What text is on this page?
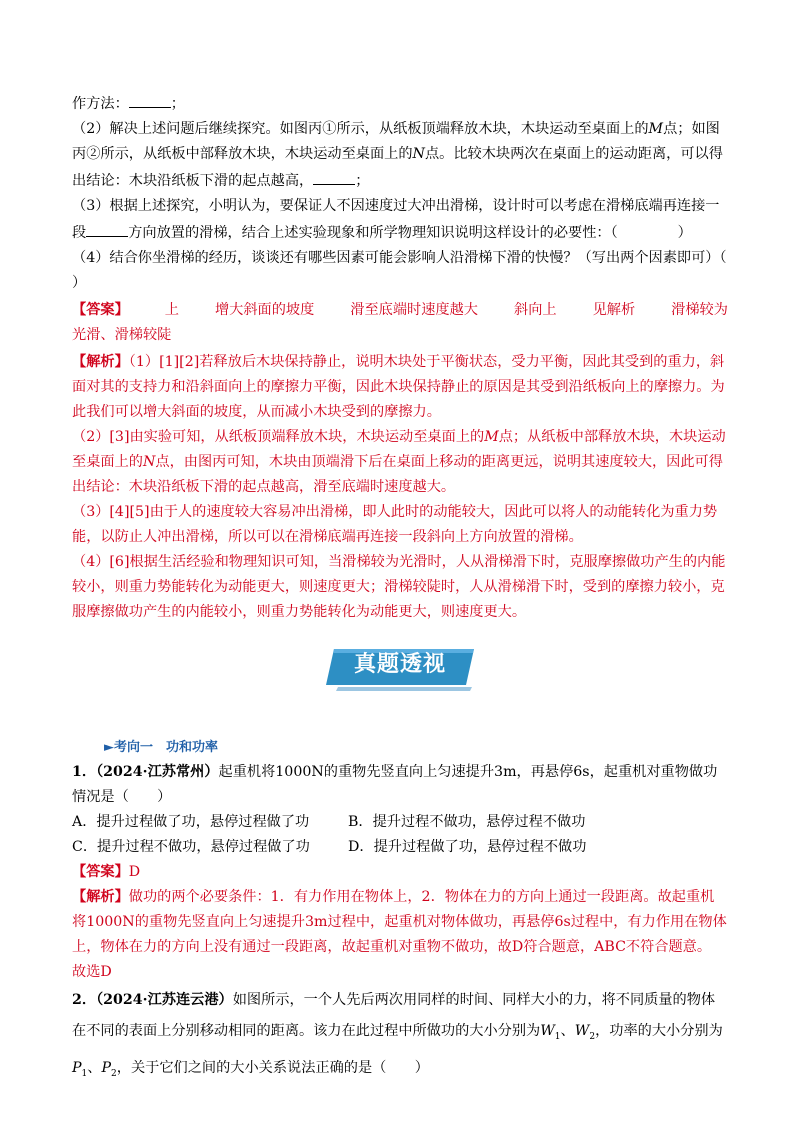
作方法：	；

（2）解决上述问题后继续探究。如图丙①所示，从纸板顶端释放木块，木块运动至桌面上的M点；如图丙②所示，从纸板中部释放木块，木块运动至桌面上的N点。比较木块两次在桌面上的运动距离，可以得出结论：木块沿纸板下滑的起点越高，	；

（3）根据上述探究，小明认为，要保证人不因速度过大冲出滑梯，设计时可以考虑在滑梯底端再连接一段	方向放置的滑梯，结合上述实验现象和所学物理知识说明这样设计的必要性：（	）

（4）结合你坐滑梯的经历，谈谈还有哪些因素可能会影响人沿滑梯下滑的快慢？（写出两个因素即可）（
）

【答案】	上	增大斜面的坡度	滑至底端时速度越大	斜向上	见解析	滑梯较为

光滑、滑梯较陡

【解析】（1）[1][2]若释放后木块保持静止，说明木块处于平衡状态，受力平衡，因此其受到的重力，斜面对其的支持力和沿斜面向上的摩擦力平衡，因此木块保持静止的原因是其受到沿纸板向上的摩擦力。为此我们可以增大斜面的坡度，从而减小木块受到的摩擦力。

（2）[3]由实验可知，从纸板顶端释放木块，木块运动至桌面上的M点；从纸板中部释放木块，木块运动至桌面上的N点，由图丙可知，木块由顶端滑下后在桌面上移动的距离更远，说明其速度较大，因此可得出结论：木块沿纸板下滑的起点越高，滑至底端时速度越大。

（3）[4][5]由于人的速度较大容易冲出滑梯，即人此时的动能较大，因此可以将人的动能转化为重力势能，以防止人冲出滑梯，所以可以在滑梯底端再连接一段斜向上方向放置的滑梯。

（4）[6]根据生活经验和物理知识可知，当滑梯较为光滑时，人从滑梯滑下时，克服摩擦做功产生的内能较小，则重力势能转化为动能更大，则速度更大；滑梯较陡时，人从滑梯滑下时，受到的摩擦力较小，克服摩擦做功产生的内能较小，则重力势能转化为动能更大，则速度更大。

真题透视

►考向一　功和功率

1．（2024·江苏常州）起重机将1000N的重物先竖直向上匀速提升3m，再悬停6s，起重机对重物做功情况是（　　）

A．提升过程做了功，悬停过程做了功	B．提升过程不做功，悬停过程不做功
C．提升过程不做功，悬停过程做了功	D．提升过程做了功，悬停过程不做功

【答案】D

【解析】做功的两个必要条件：1．有力作用在物体上，2．物体在力的方向上通过一段距离。故起重机将1000N的重物先竖直向上匀速提升3m过程中，起重机对物体做功，再悬停6s过程中，有力作用在物体上，物体在力的方向上没有通过一段距离，故起重机对重物不做功，故D符合题意，ABC不符合题意。

故选D

2．（2024·江苏连云港）如图所示，一个人先后两次用同样的时间、同样大小的力，将不同质量的物体在不同的表面上分别移动相同的距离。该力在此过程中所做功的大小分别为$W_1$、$W_2$，功率的大小分别为$P_1$、$P_2$，关于它们之间的大小关系说法正确的是（　　）
